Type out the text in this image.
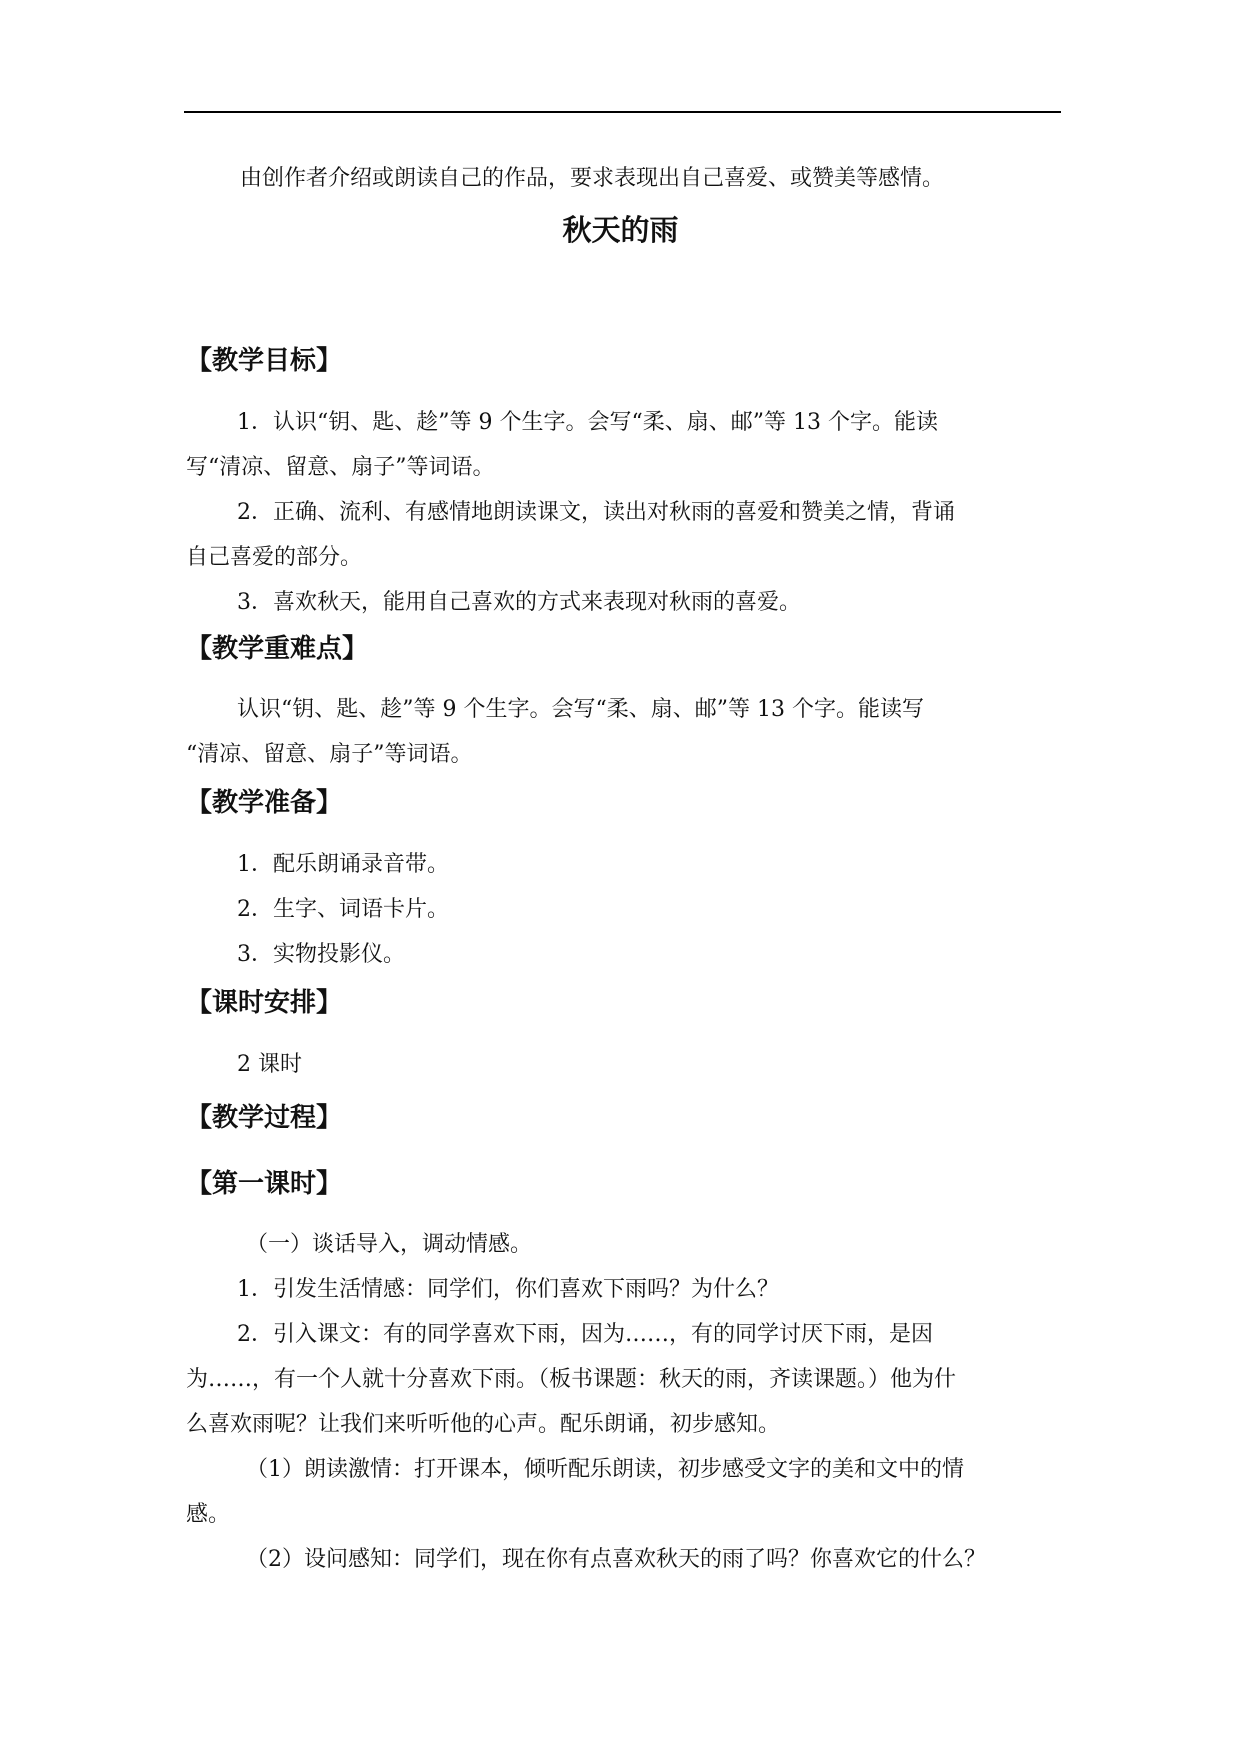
由创作者介绍或朗读自己的作品，要求表现出自己喜爱、或赞美等感情。
秋天的雨
【教学目标】
1．认识“钥、匙、趁”等 9 个生字。会写“柔、扇、邮”等 13 个字。能读
写“清凉、留意、扇子”等词语。
2．正确、流利、有感情地朗读课文，读出对秋雨的喜爱和赞美之情，背诵
自己喜爱的部分。
3．喜欢秋天，能用自己喜欢的方式来表现对秋雨的喜爱。
【教学重难点】
认识“钥、匙、趁”等 9 个生字。会写“柔、扇、邮”等 13 个字。能读写
“清凉、留意、扇子”等词语。
【教学准备】
1．配乐朗诵录音带。
2．生字、词语卡片。
3．实物投影仪。
【课时安排】
2 课时
【教学过程】
【第一课时】
（一）谈话导入，调动情感。
1．引发生活情感：同学们，你们喜欢下雨吗？为什么？
2．引入课文：有的同学喜欢下雨，因为……，有的同学讨厌下雨，是因
为……，有一个人就十分喜欢下雨。（板书课题：秋天的雨，齐读课题。）他为什
么喜欢雨呢？让我们来听听他的心声。配乐朗诵，初步感知。
（1）朗读激情：打开课本，倾听配乐朗读，初步感受文字的美和文中的情
感。
（2）设问感知：同学们，现在你有点喜欢秋天的雨了吗？你喜欢它的什么？
